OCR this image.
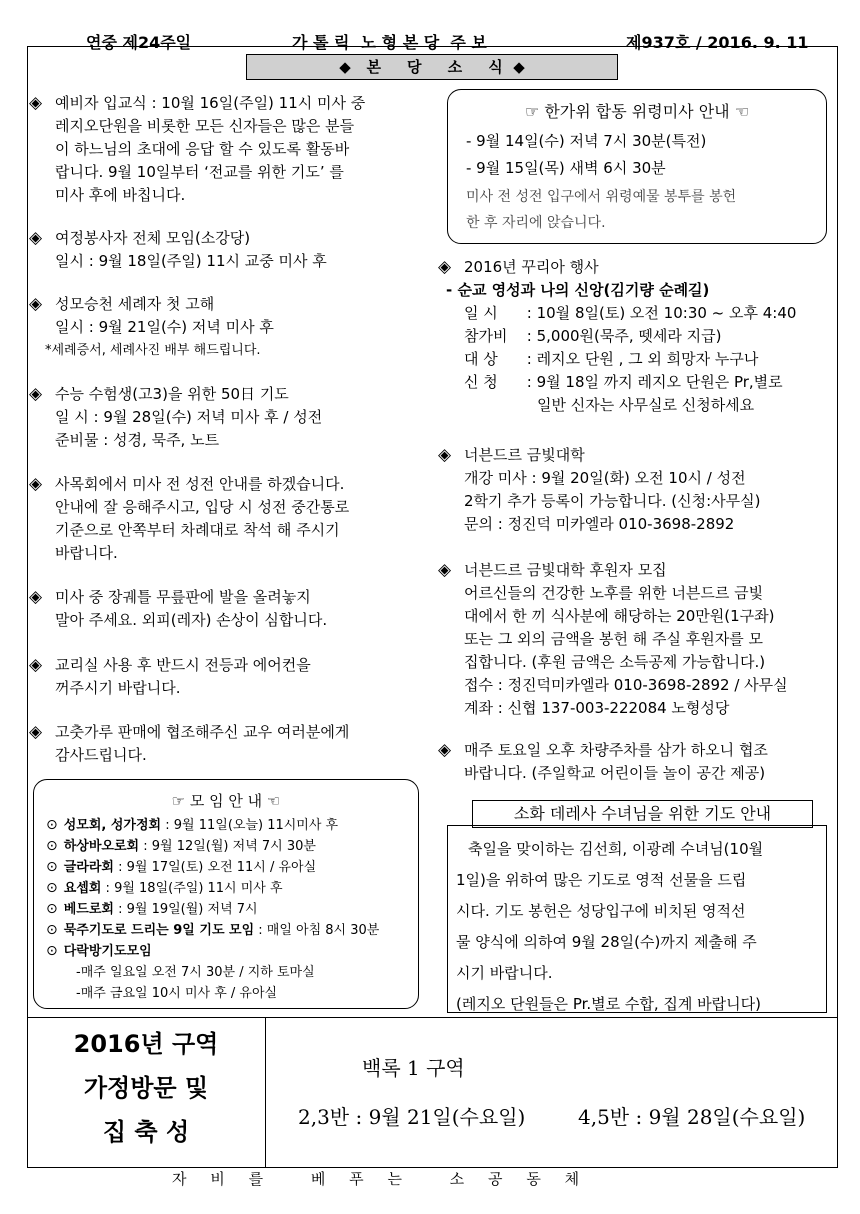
연중 제24주일	가 톨 릭  노 형 본 당  주 보	제937호 / 2016. 9. 11
◆   본     당     소     식  ◆
◈ 예비자 입교식 : 10월 16일(주일) 11시 미사 중
레지오단원을 비롯한 모든 신자들은 많은 분들
이 하느님의 초대에 응답 할 수 있도록 활동바
랍니다. 9월 10일부터 ‘전교를 위한 기도’ 를
미사 후에 바칩니다.
◈ 여정봉사자 전체 모임(소강당)
일시 : 9월 18일(주일) 11시 교중 미사 후
◈ 성모승천 세례자 첫 고해
일시 : 9월 21일(수) 저녁 미사 후
*세례증서, 세례사진 배부 해드립니다.
◈ 수능 수험생(고3)을 위한 50日 기도
일 시 : 9월 28일(수) 저녁 미사 후 / 성전
준비물 : 성경, 묵주, 노트
◈ 사목회에서 미사 전 성전 안내를 하겠습니다.
안내에 잘 응해주시고, 입당 시 성전 중간통로
기준으로 안쪽부터 차례대로 착석 해 주시기
바랍니다.
◈ 미사 중 장궤틀 무릎판에 발을 올려놓지
말아 주세요. 외피(레자) 손상이 심합니다.
◈ 교리실 사용 후 반드시 전등과 에어컨을
꺼주시기 바랍니다.
◈ 고춧가루 판매에 협조해주신 교우 여러분에게
감사드립니다.
☞ 모 임 안 내 ☜
⊙ 성모회, 성가정회 : 9월 11일(오늘) 11시미사 후
⊙ 하상바오로회 : 9월 12일(월) 저녁 7시 30분
⊙ 글라라회 : 9월 17일(토) 오전 11시 / 유아실
⊙ 요셉회 : 9월 18일(주일) 11시 미사 후
⊙ 베드로회 : 9월 19일(월) 저녁 7시
⊙ 묵주기도로 드리는 9일 기도 모임 : 매일 아침 8시 30분
⊙ 다락방기도모임
-매주 일요일 오전 7시 30분 / 지하 토마실
-매주 금요일 10시 미사 후 / 유아실
☞ 한가위 합동 위령미사 안내 ☜
- 9월 14일(수) 저녁 7시 30분(특전)
- 9월 15일(목) 새벽 6시 30분
미사 전 성전 입구에서 위령예물 봉투를 봉헌
한 후 자리에 앉습니다.
◈ 2016년 꾸리아 행사
- 순교 영성과 나의 신앙(김기량 순례길)
일 시 : 10월 8일(토) 오전 10:30 ~ 오후 4:40
참가비 : 5,000원(묵주, 뗏세라 지급)
대 상 : 레지오 단원 , 그 외 희망자 누구나
신 청 : 9월 18일 까지 레지오 단원은 Pr,별로
일반 신자는 사무실로 신청하세요
◈ 너븐드르 금빛대학
개강 미사 : 9월 20일(화) 오전 10시 / 성전
2학기 추가 등록이 가능합니다. (신청:사무실)
문의 : 정진덕 미카엘라 010-3698-2892
◈ 너븐드르 금빛대학 후원자 모집
어르신들의 건강한 노후를 위한 너븐드르 금빛
대에서 한 끼 식사분에 해당하는 20만원(1구좌)
또는 그 외의 금액을 봉헌 해 주실 후원자를 모
집합니다. (후원 금액은 소득공제 가능합니다.)
접수 : 정진덕미카엘라 010-3698-2892 / 사무실
계좌 : 신협 137-003-222084 노형성당
◈ 매주 토요일 오후 차량주차를 삼가 하오니 협조
바랍니다. (주일학교 어린이들 놀이 공간 제공)
소화 데레사 수녀님을 위한 기도 안내
축일을 맞이하는 김선희, 이광례 수녀님(10월
1일)을 위하여 많은 기도로 영적 선물을 드립
시다. 기도 봉헌은 성당입구에 비치된 영적선
물 양식에 의하여 9월 28일(수)까지 제출해 주
시기 바랍니다.
(레지오 단원들은 Pr.별로 수합, 집계 바랍니다)
2016년 구역
가정방문 및
집 축 성
백록 1 구역
2,3반 : 9월 21일(수요일)	4,5반 : 9월 28일(수요일)
자     비     를          베     푸     는          소     공     동     체
